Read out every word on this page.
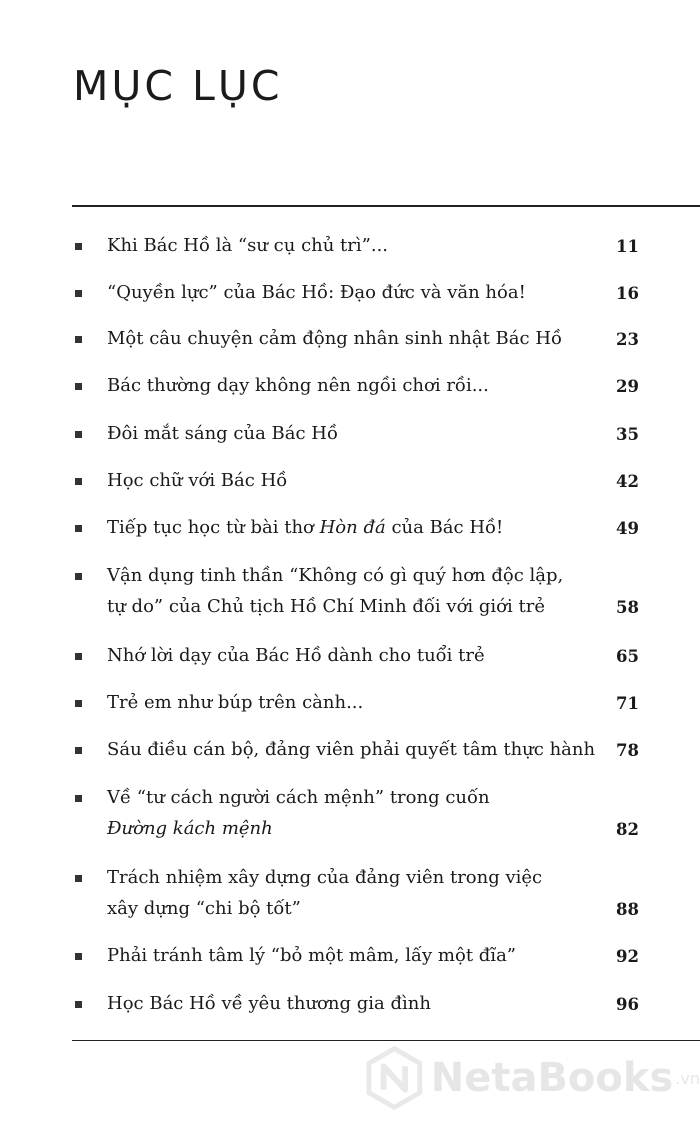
MỤC LỤC
Khi Bác Hồ là “sư cụ chủ trì”...	11
“Quyền lực” của Bác Hồ: Đạo đức và văn hóa!	16
Một câu chuyện cảm động nhân sinh nhật Bác Hồ	23
Bác thường dạy không nên ngồi chơi rồi...	29
Đôi mắt sáng của Bác Hồ	35
Học chữ với Bác Hồ	42
Tiếp tục học từ bài thơ Hòn đá của Bác Hồ!	49
Vận dụng tinh thần “Không có gì quý hơn độc lập,
tự do” của Chủ tịch Hồ Chí Minh đối với giới trẻ	58
Nhớ lời dạy của Bác Hồ dành cho tuổi trẻ	65
Trẻ em như búp trên cành...	71
Sáu điều cán bộ, đảng viên phải quyết tâm thực hành	78
Về “tư cách người cách mệnh” trong cuốn
Đường kách mệnh	82
Trách nhiệm xây dựng của đảng viên trong việc
xây dựng “chi bộ tốt”	88
Phải tránh tâm lý “bỏ một mâm, lấy một đĩa”	92
Học Bác Hồ về yêu thương gia đình	96
NetaBooks .vn
